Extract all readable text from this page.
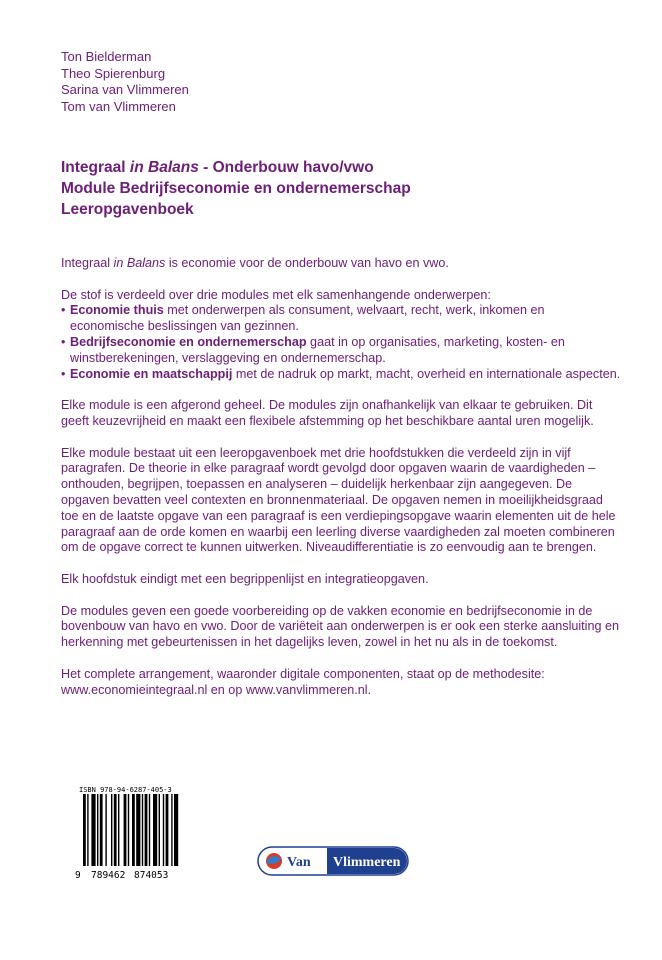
Ton Bielderman
Theo Spierenburg
Sarina van Vlimmeren
Tom van Vlimmeren
Integraal in Balans - Onderbouw havo/vwo
Module Bedrijfseconomie en ondernemerschap
Leeropgavenboek

Integraal in Balans is economie voor de onderbouw van havo en vwo.

De stof is verdeeld over drie modules met elk samenhangende onderwerpen:
• Economie thuis met onderwerpen als consument, welvaart, recht, werk, inkomen en economische beslissingen van gezinnen.
• Bedrijfseconomie en ondernemerschap gaat in op organisaties, marketing, kosten- en winstberekeningen, verslaggeving en ondernemerschap.
• Economie en maatschappij met de nadruk op markt, macht, overheid en internationale aspecten.

Elke module is een afgerond geheel. De modules zijn onafhankelijk van elkaar te gebruiken. Dit geeft keuzevrijheid en maakt een flexibele afstemming op het beschikbare aantal uren mogelijk.

Elke module bestaat uit een leeropgavenboek met drie hoofdstukken die verdeeld zijn in vijf paragrafen. De theorie in elke paragraaf wordt gevolgd door opgaven waarin de vaardigheden – onthouden, begrijpen, toepassen en analyseren – duidelijk herkenbaar zijn aangegeven. De opgaven bevatten veel contexten en bronnenmateriaal. De opgaven nemen in moeilijkheidsgraad toe en de laatste opgave van een paragraaf is een verdiepingsopgave waarin elementen uit de hele paragraaf aan de orde komen en waarbij een leerling diverse vaardigheden zal moeten combineren om de opgave correct te kunnen uitwerken. Niveaudifferentiatie is zo eenvoudig aan te brengen.

Elk hoofdstuk eindigt met een begrippenlijst en integratieopgaven.

De modules geven een goede voorbereiding op de vakken economie en bedrijfseconomie in de bovenbouw van havo en vwo. Door de variëteit aan onderwerpen is er ook een sterke aansluiting en herkenning met gebeurtenissen in het dagelijks leven, zowel in het nu als in de toekomst.

Het complete arrangement, waaronder digitale componenten, staat op de methodesite: www.economieintegraal.nl en op www.vanvlimmeren.nl.

ISBN 978-94-6287-405-3
9 789462 874053
Van Vlimmeren
